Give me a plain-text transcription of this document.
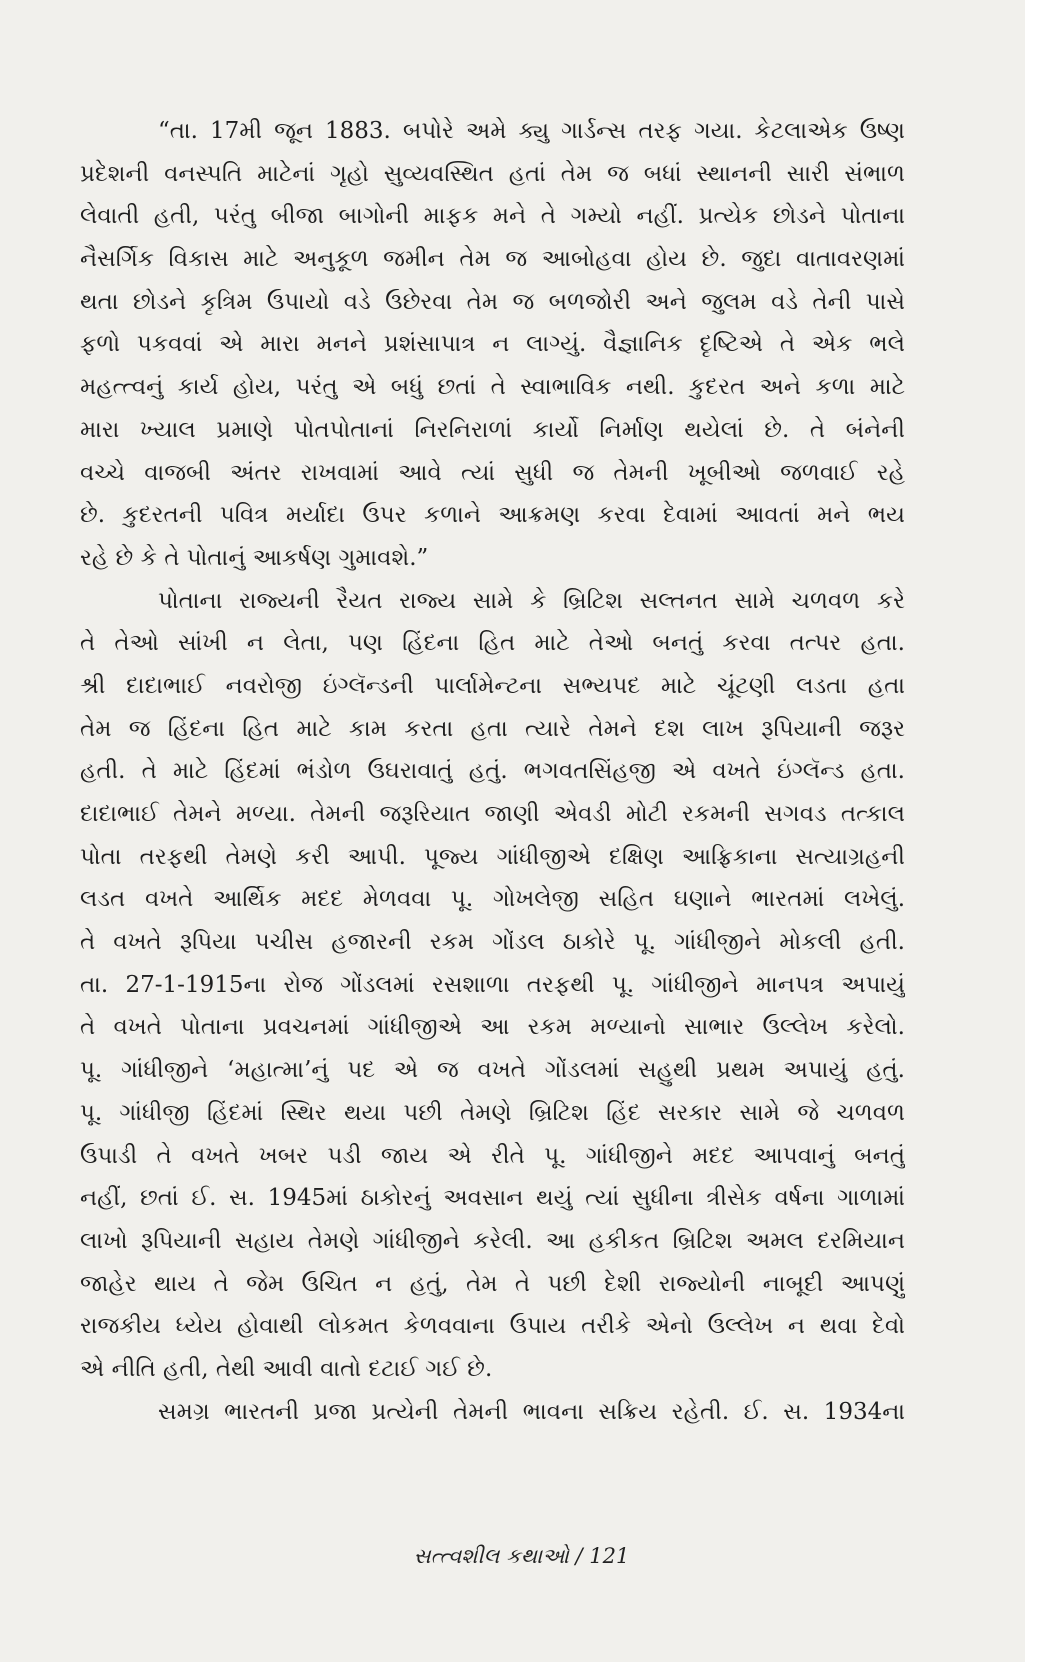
“તા. 17મી જૂન 1883. બપોરે અમે ક્યુ ગાર્ડન્સ તરફ ગયા. કેટલાએક ઉષ્ણ
પ્રદેશની વનસ્પતિ માટેનાં ગૃહો સુવ્યવસ્થિત હતાં તેમ જ બધાં સ્થાનની સારી સંભાળ
લેવાતી હતી, પરંતુ બીજા બાગોની માફક મને તે ગમ્યો નહીં. પ્રત્યેક છોડને પોતાના
નૈસર્ગિક વિકાસ માટે અનુકૂળ જમીન તેમ જ આબોહવા હોય છે. જુદા વાતાવરણમાં
થતા છોડને કૃત્રિમ ઉપાયો વડે ઉછેરવા તેમ જ બળજોરી અને જુલમ વડે તેની પાસે
ફળો પકવવાં એ મારા મનને પ્રશંસાપાત્ર ન લાગ્યું. વૈજ્ઞાનિક દૃષ્ટિએ તે એક ભલે
મહત્ત્વનું કાર્ય હોય, પરંતુ એ બધું છતાં તે સ્વાભાવિક નથી. કુદરત અને કળા માટે
મારા ખ્યાલ પ્રમાણે પોતપોતાનાં નિરનિરાળાં કાર્યો નિર્માણ થયેલાં છે. તે બંનેની
વચ્ચે વાજબી અંતર રાખવામાં આવે ત્યાં સુધી જ તેમની ખૂબીઓ જળવાઈ રહે
છે. કુદરતની પવિત્ર મર્યાદા ઉપર કળાને આક્રમણ કરવા દેવામાં આવતાં મને ભય
રહે છે કે તે પોતાનું આકર્ષણ ગુમાવશે.”
પોતાના રાજ્યની રૈયત રાજ્ય સામે કે બ્રિટિશ સલ્તનત સામે ચળવળ કરે
તે તેઓ સાંખી ન લેતા, પણ હિંદના હિત માટે તેઓ બનતું કરવા તત્પર હતા.
શ્રી દાદાભાઈ નવરોજી ઇંગ્લૅન્ડની પાર્લામેન્ટના સભ્યપદ માટે ચૂંટણી લડતા હતા
તેમ જ હિંદના હિત માટે કામ કરતા હતા ત્યારે તેમને દશ લાખ રૂપિયાની જરૂર
હતી. તે માટે હિંદમાં ભંડોળ ઉઘરાવાતું હતું. ભગવતસિંહજી એ વખતે ઇંગ્લૅન્ડ હતા.
દાદાભાઈ તેમને મળ્યા. તેમની જરૂરિયાત જાણી એવડી મોટી રકમની સગવડ તત્કાલ
પોતા તરફથી તેમણે કરી આપી. પૂજ્ય ગાંધીજીએ દક્ષિણ આફ્રિકાના સત્યાગ્રહની
લડત વખતે આર્થિક મદદ મેળવવા પૂ. ગોખલેજી સહિત ઘણાને ભારતમાં લખેલું.
તે વખતે રૂપિયા પચીસ હજારની રકમ ગોંડલ ઠાકોરે પૂ. ગાંધીજીને મોકલી હતી.
તા. 27-1-1915ના રોજ ગોંડલમાં રસશાળા તરફથી પૂ. ગાંધીજીને માનપત્ર અપાયું
તે વખતે પોતાના પ્રવચનમાં ગાંધીજીએ આ રકમ મળ્યાનો સાભાર ઉલ્લેખ કરેલો.
પૂ. ગાંધીજીને ‘મહાત્મા’નું પદ એ જ વખતે ગોંડલમાં સહુથી પ્રથમ અપાયું હતું.
પૂ. ગાંધીજી હિંદમાં સ્થિર થયા પછી તેમણે બ્રિટિશ હિંદ સરકાર સામે જે ચળવળ
ઉપાડી તે વખતે ખબર પડી જાય એ રીતે પૂ. ગાંધીજીને મદદ આપવાનું બનતું
નહીં, છતાં ઈ. સ. 1945માં ઠાકોરનું અવસાન થયું ત્યાં સુધીના ત્રીસેક વર્ષના ગાળામાં
લાખો રૂપિયાની સહાય તેમણે ગાંધીજીને કરેલી. આ હકીકત બ્રિટિશ અમલ દરમિયાન
જાહેર થાય તે જેમ ઉચિત ન હતું, તેમ તે પછી દેશી રાજ્યોની નાબૂદી આપણું
રાજકીય ધ્યેય હોવાથી લોકમત કેળવવાના ઉપાય તરીકે એનો ઉલ્લેખ ન થવા દેવો
એ નીતિ હતી, તેથી આવી વાતો દટાઈ ગઈ છે.
સમગ્ર ભારતની પ્રજા પ્રત્યેની તેમની ભાવના સક્રિય રહેતી. ઈ. સ. 1934ના
સત્ત્વશીલ કથાઓ / 121
